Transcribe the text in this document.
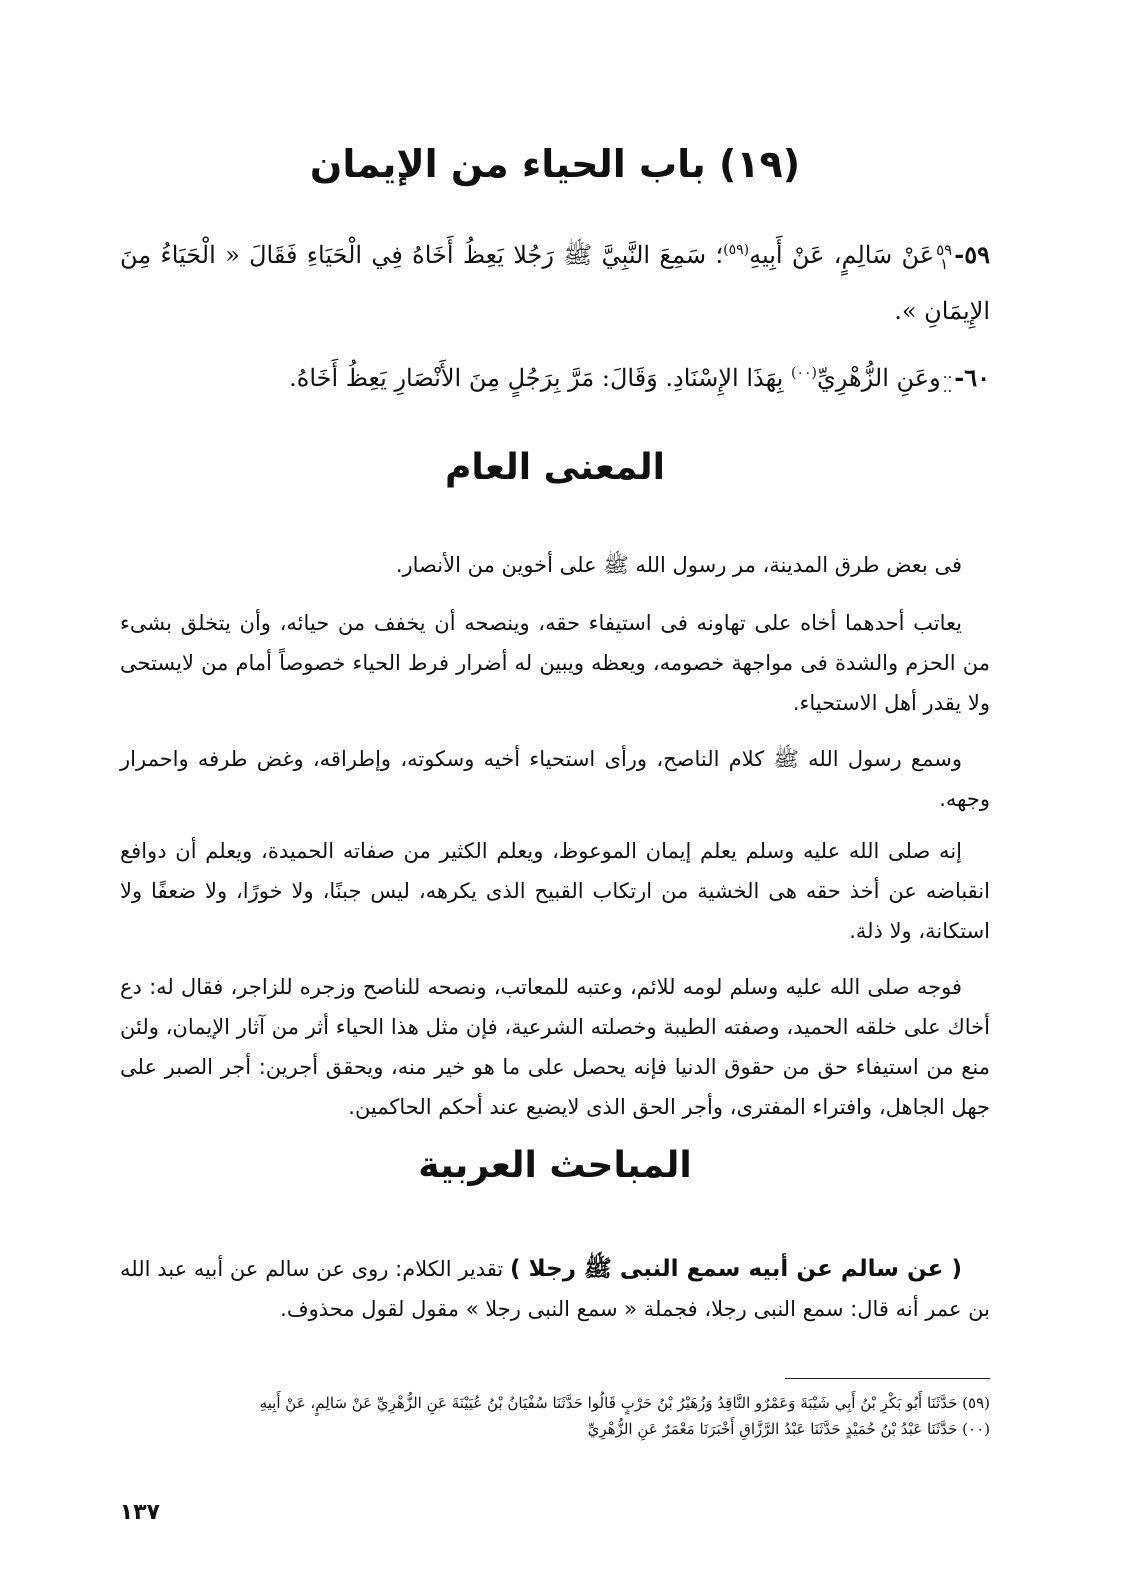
(١٩) باب الحياء من الإيمان
٥٩-٥٩
١عَنْ سَالِمٍ، عَنْ أَبِيهِ$^{(٥٩)}$؛ سَمِعَ النَّبِيَّ ﷺ رَجُلا يَعِظُ أَخَاهُ فِي الْحَيَاءِ فَقَالَ « الْحَيَاءُ مِنَ الإِيمَانِ ».
٦٠-..
..وعَنِ الزُّهْرِيِّ$^{(٠٠)}$ بِهَذَا الإِسْنَادِ. وَقَالَ: مَرَّ بِرَجُلٍ مِنَ الأَنْصَارِ يَعِظُ أَخَاهُ.
المعنى العام

فى بعض طرق المدينة، مر رسول الله ﷺ على أخوين من الأنصار.

يعاتب أحدهما أخاه على تهاونه فى استيفاء حقه، وينصحه أن يخفف من حيائه، وأن يتخلق بشىء من الحزم والشدة فى مواجهة خصومه، ويعظه ويبين له أضرار فرط الحياء خصوصاً أمام من لايستحى ولا يقدر أهل الاستحياء.

وسمع رسول الله ﷺ كلام الناصح، ورأى استحياء أخيه وسكوته، وإطراقه، وغض طرفه واحمرار وجهه.

إنه صلى الله عليه وسلم يعلم إيمان الموعوظ، ويعلم الكثير من صفاته الحميدة، ويعلم أن دوافع انقباضه عن أخذ حقه هى الخشية من ارتكاب القبيح الذى يكرهه، ليس جبنًا، ولا خورًا، ولا ضعفًا ولا استكانة، ولا ذلة.

فوجه صلى الله عليه وسلم لومه للائم، وعتبه للمعاتب، ونصحه للناصح وزجره للزاجر، فقال له: دع أخاك على خلقه الحميد، وصفته الطيبة وخصلته الشرعية، فإن مثل هذا الحياء أثر من آثار الإيمان، ولئن منع من استيفاء حق من حقوق الدنيا فإنه يحصل على ما هو خير منه، ويحقق أجرين: أجر الصبر على جهل الجاهل، وافتراء المفترى، وأجر الحق الذى لايضيع عند أحكم الحاكمين.

المباحث العربية

( عن سالم عن أبيه سمع النبى ﷺ رجلا ) تقدير الكلام: روى عن سالم عن أبيه عبد الله بن عمر أنه قال: سمع النبى رجلا، فجملة « سمع النبى رجلا » مقول لقول محذوف.

(٥٩) حَدَّثَنَا أَبُو بَكْرِ بْنُ أَبِي شَيْبَةَ وَعَمْرٌو النَّاقِدُ وَزُهَيْرُ بْنُ حَرْبٍ قَالُوا حَدَّثَنَا سُفْيَانُ بْنُ عُيَيْنَةَ عَنِ الزُّهْرِيِّ عَنْ سَالِمٍ، عَنْ أَبِيهِ
(٠٠) حَدَّثَنَا عَبْدُ بْنُ حُمَيْدٍ حَدَّثَنَا عَبْدُ الرَّزَّاقِ أَخْبَرَنَا مَعْمَرٌ عَنِ الزُّهْرِيِّ
١٣٧
